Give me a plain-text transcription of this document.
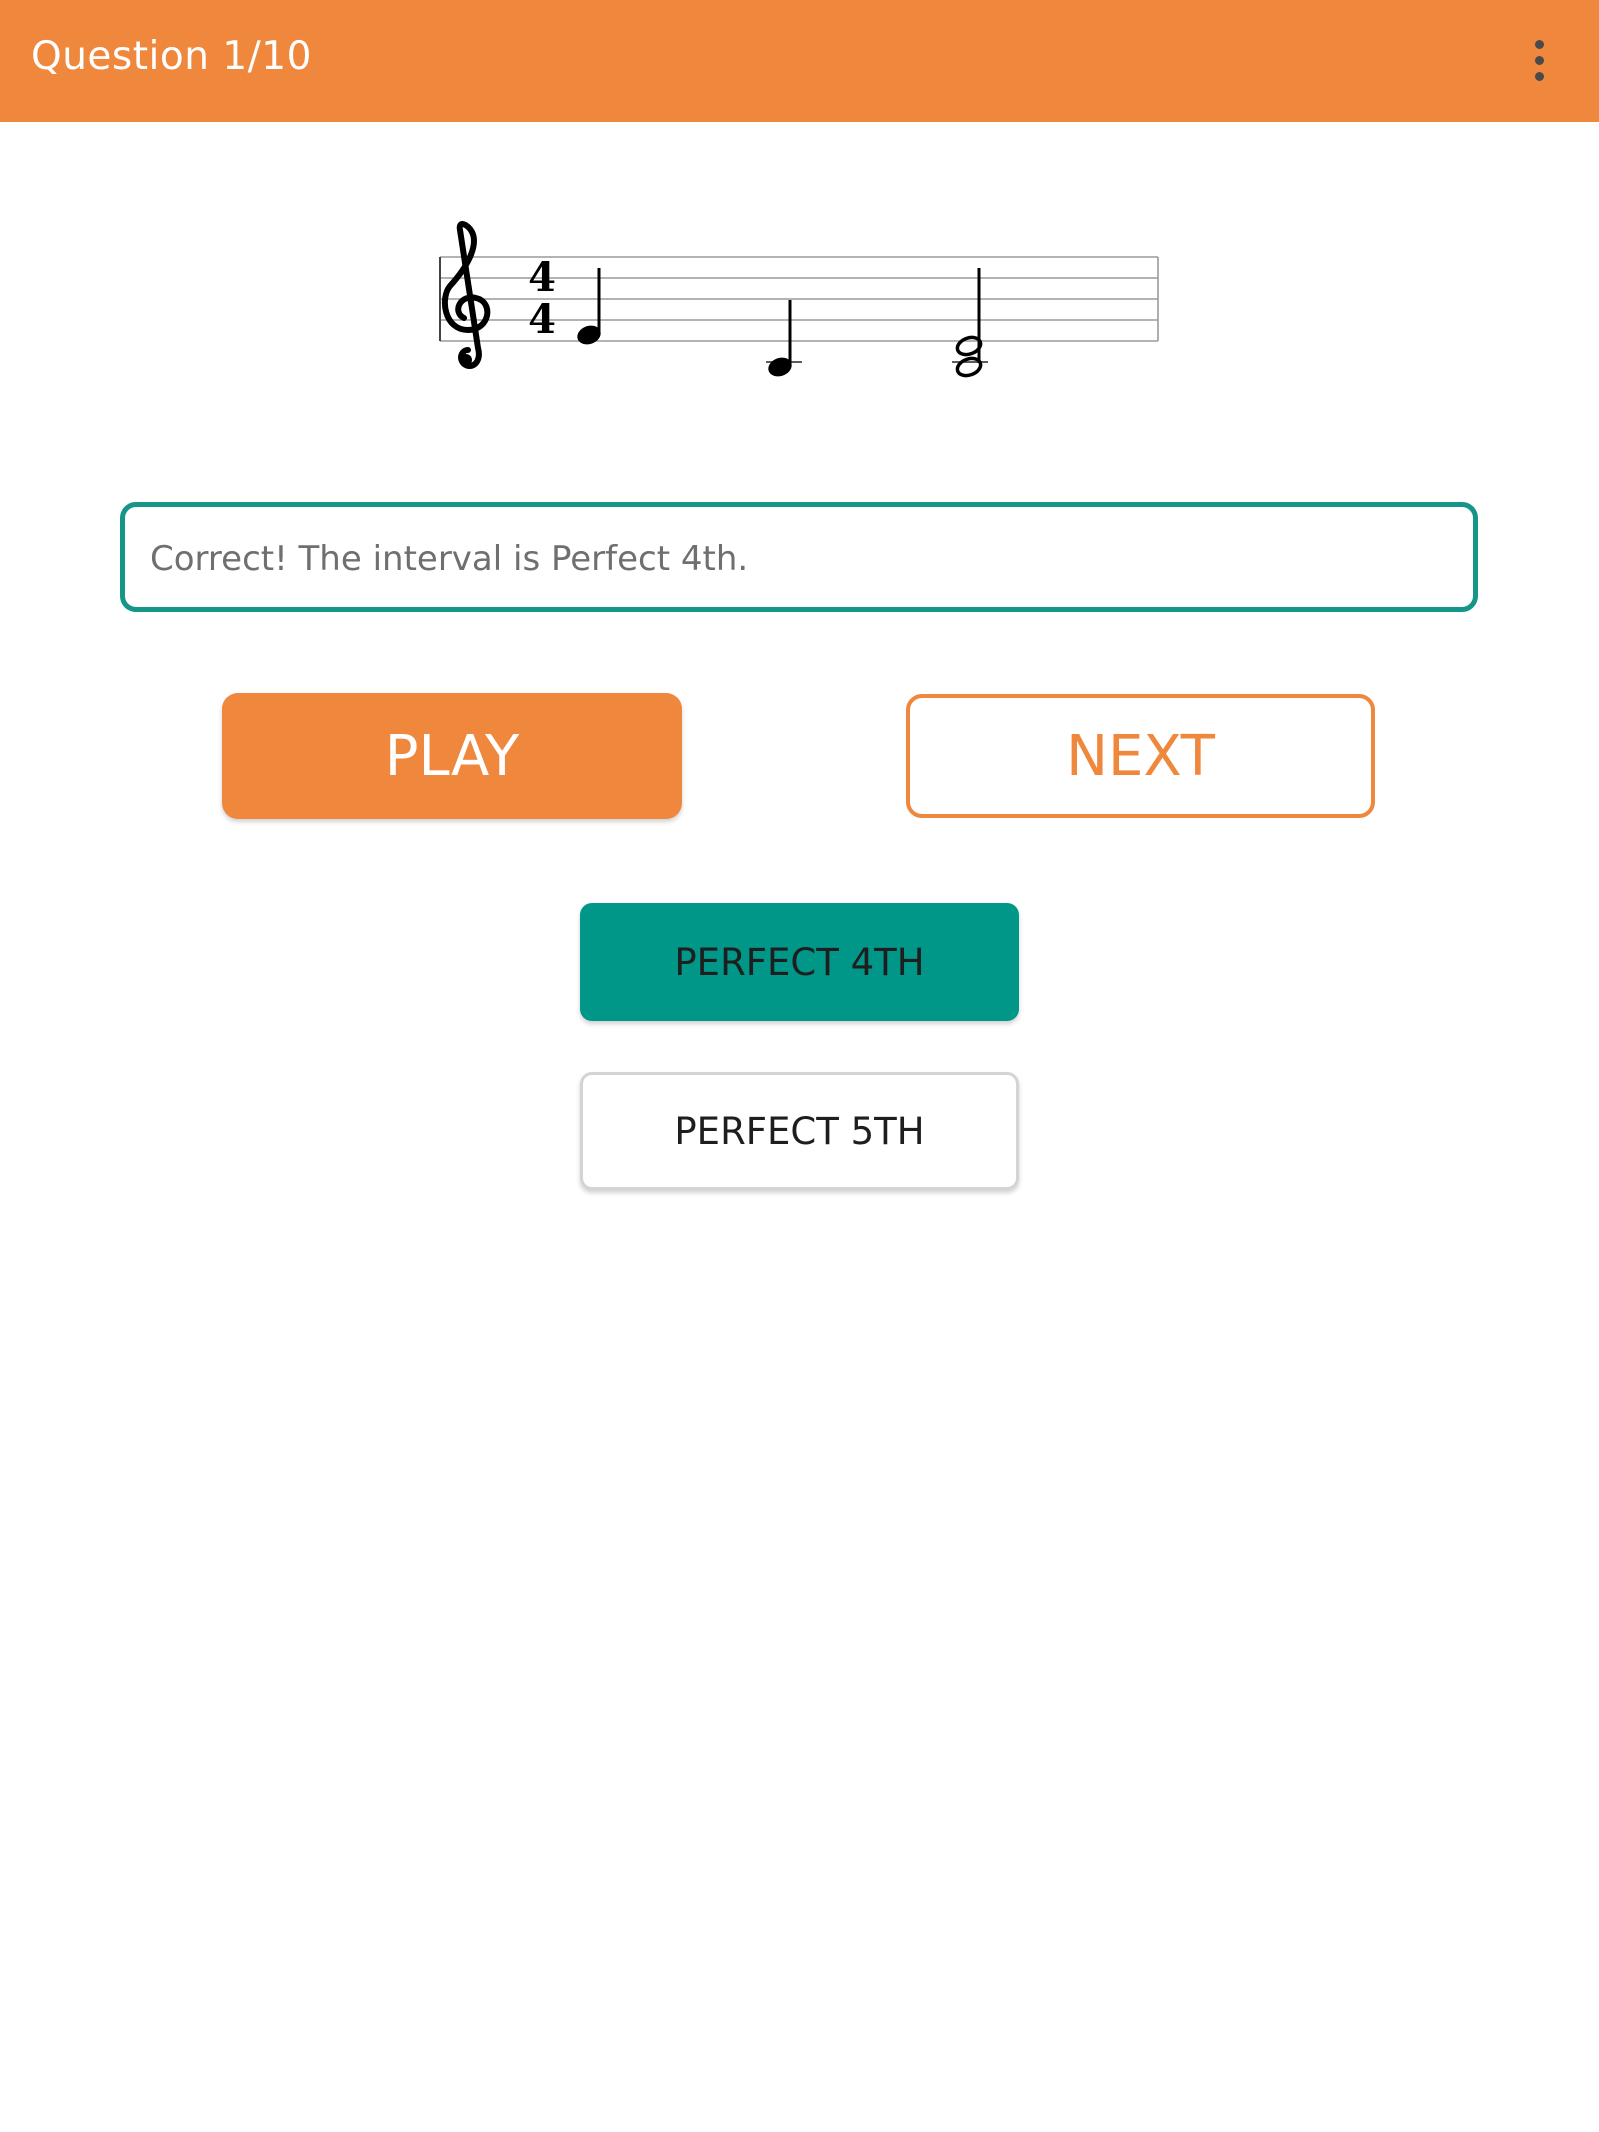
Question 1/10
4
4
Correct! The interval is Perfect 4th.
PLAY	NEXT
PERFECT 4TH
PERFECT 5TH
